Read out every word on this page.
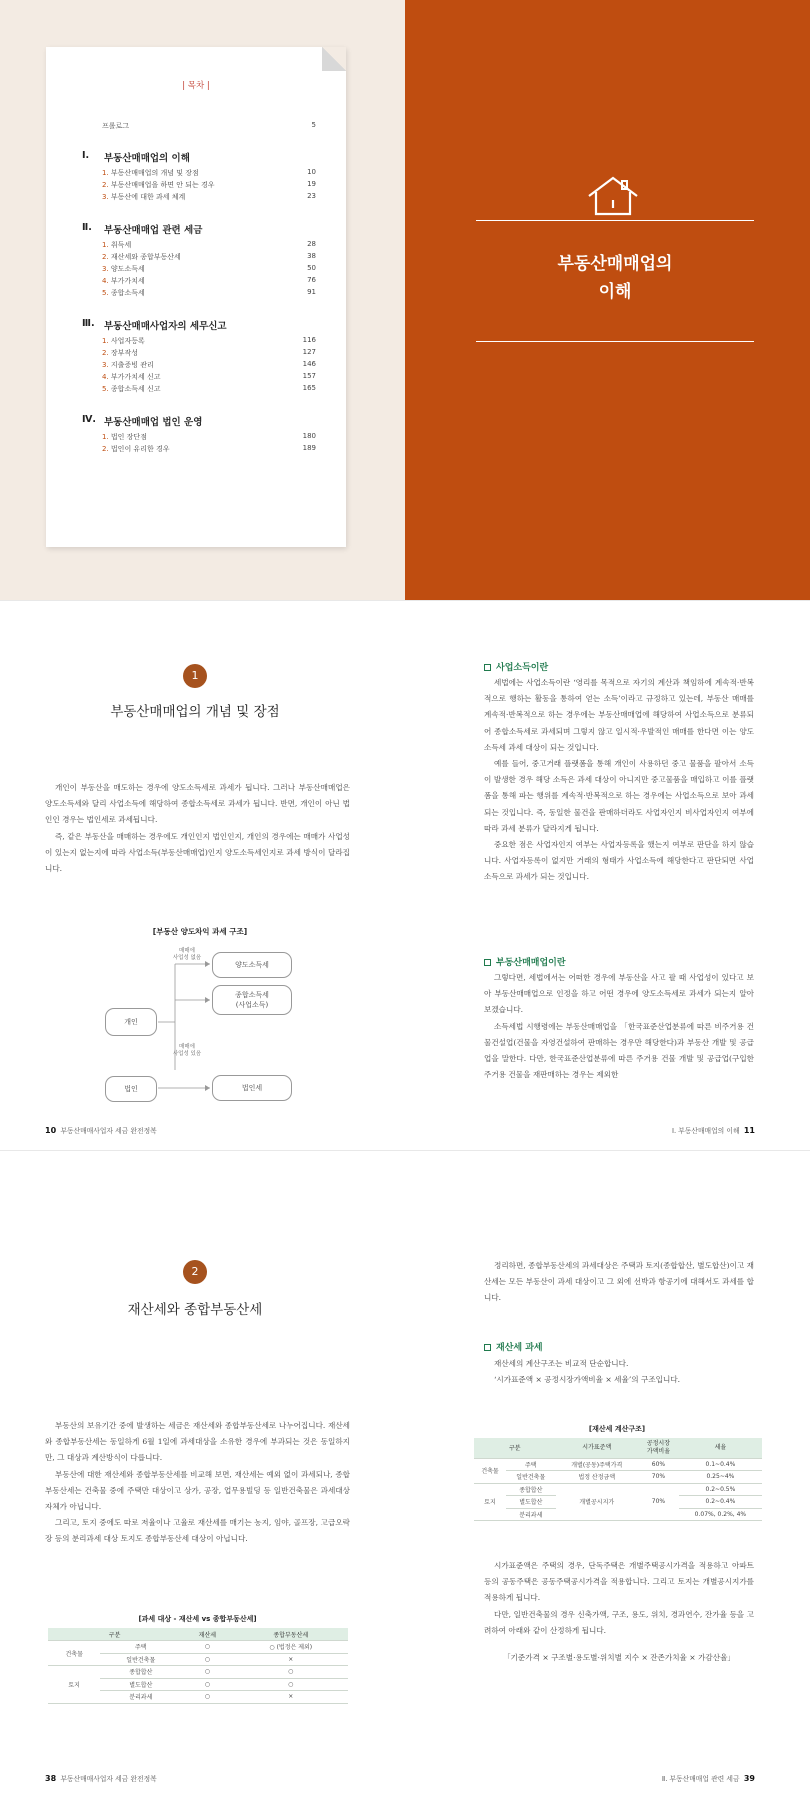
| 목차 |
프롤로그	5
Ⅰ.	부동산매매업의 이해
1. 부동산매매업의 개념 및 장점	10
2. 부동산매매업을 하면 안 되는 경우	19
3. 부동산에 대한 과세 체계	23
Ⅱ.	부동산매매업 관련 세금
1. 취득세	28
2. 재산세와 종합부동산세	38
3. 양도소득세	50
4. 부가가치세	76
5. 종합소득세	91
Ⅲ. 부동산매매사업자의 세무신고
1. 사업자등록	116
2. 장부작성	127
3. 지출증빙 관리	146
4. 부가가치세 신고	157
5. 종합소득세 신고	165
Ⅳ. 부동산매매업 법인 운영
1. 법인 장단점	180
2. 법인이 유리한 경우	189
부동산매매업의
이해
1
부동산매매업의 개념 및 장점

개인이 부동산을 매도하는 경우에 양도소득세로 과세가 됩니다. 그러나 부동산매매업은 양도소득세와 달리 사업소득에 해당하여 종합소득세로 과세가 됩니다. 반면, 개인이 아닌 법인인 경우는 법인세로 과세됩니다.

즉, 같은 부동산을 매매하는 경우에도 개인인지 법인인지, 개인의 경우에는 매매가 사업성이 있는지 없는지에 따라 사업소득(부동산매매업)인지 양도소득세인지로 과세 방식이 달라집니다.

[부동산 양도차익 과세 구조]
개인
법인
매매에
사업성 없음
매매에
사업성 있음
양도소득세
종합소득세
(사업소득)
법인세
사업소득이란

세법에는 사업소득이란 ‘영리를 목적으로 자기의 계산과 책임하에 계속적·반복적으로 행하는 활동을 통하여 얻는 소득’이라고 규정하고 있는데, 부동산 매매를 계속적·반복적으로 하는 경우에는 부동산매매업에 해당하여 사업소득으로 분류되어 종합소득세로 과세되며 그렇지 않고 일시적·우발적인 매매를 한다면 이는 양도소득세 과세 대상이 되는 것입니다.

예를 들어, 중고거래 플랫폼을 통해 개인이 사용하던 중고 물품을 팔아서 소득이 발생한 경우 해당 소득은 과세 대상이 아니지만 중고물품을 매입하고 이를 플랫폼을 통해 파는 행위를 계속적·반복적으로 하는 경우에는 사업소득으로 보아 과세되는 것입니다. 즉, 동일한 물건을 판매하더라도 사업자인지 비사업자인지 여부에 따라 과세 분류가 달라지게 됩니다.

중요한 점은 사업자인지 여부는 사업자등록을 했는지 여부로 판단을 하지 않습니다. 사업자등록이 없지만 거래의 형태가 사업소득에 해당한다고 판단되면 사업소득으로 과세가 되는 것입니다.

부동산매매업이란

그렇다면, 세법에서는 어떠한 경우에 부동산을 사고 팔 때 사업성이 있다고 보아 부동산매매업으로 인정을 하고 어떤 경우에 양도소득세로 과세가 되는지 알아보겠습니다.

소득세법 시행령에는 부동산매매업을 「한국표준산업분류에 따른 비주거용 건물건설업(건물을 자영건설하여 판매하는 경우만 해당한다)과 부동산 개발 및 공급업을 말한다. 다만, 한국표준산업분류에 따른 주거용 건물 개발 및 공급업(구입한 주거용 건물을 재판매하는 경우는 제외한

10 부동산매매사업자 세금 완전정복	Ⅰ. 부동산매매업의 이해 11
2
재산세와 종합부동산세

부동산의 보유기간 중에 발생하는 세금은 재산세와 종합부동산세로 나누어집니다. 재산세와 종합부동산세는 동일하게 6월 1일에 과세대상을 소유한 경우에 부과되는 것은 동일하지만, 그 대상과 계산방식이 다릅니다.

부동산에 대한 재산세와 종합부동산세를 비교해 보면, 재산세는 예외 없이 과세되나, 종합부동산세는 건축물 중에 주택만 대상이고 상가, 공장, 업무용빌딩 등 일반건축물은 과세대상 자체가 아닙니다.

그리고, 토지 중에도 따로 저율이나 고율로 재산세를 매기는 농지, 임야, 골프장, 고급오락장 등의 분리과세 대상 토지도 종합부동산세 대상이 아닙니다.

[과세 대상 - 재산세 vs 종합부동산세]
구분		재산세	종합부동산세
건축물	주택	○	○ (법정은 제외)
	일반건축물	○	×
토지	종합합산	○	○
	별도합산	○	○
	분리과세	○	×

정리하면, 종합부동산세의 과세대상은 주택과 토지(종합합산, 별도합산)이고 재산세는 모든 부동산이 과세 대상이고 그 외에 선박과 항공기에 대해서도 과세를 합니다.

재산세 과세
재산세의 계산구조는 비교적 단순합니다.
‘시가표준액 × 공정시장가액비율 × 세율’의 구조입니다.
[재산세 계산구조]
구분		시가표준액	공정시장
가액비율	세율
건축물	주택	개별(공동)주택가격	60%	0.1~0.4%
	일반건축물	법정 산정금액	70%	0.25~4%
토지	종합합산	개별공시지가	70%	0.2~0.5%
	별도합산			0.2~0.4%
	분리과세			0.07%, 0.2%, 4%

시가표준액은 주택의 경우, 단독주택은 개별주택공시가격을 적용하고 아파트 등의 공동주택은 공동주택공시가격을 적용합니다. 그리고 토지는 개별공시지가를 적용하게 됩니다.

다만, 일반건축물의 경우 신축가액, 구조, 용도, 위치, 경과연수, 잔가율 등을 고려하여 아래와 같이 산정하게 됩니다.

「기준가격 × 구조별·용도별·위치별 지수 × 잔존가치율 × 가감산율」
38 부동산매매사업자 세금 완전정복	Ⅱ. 부동산매매업 관련 세금 39
